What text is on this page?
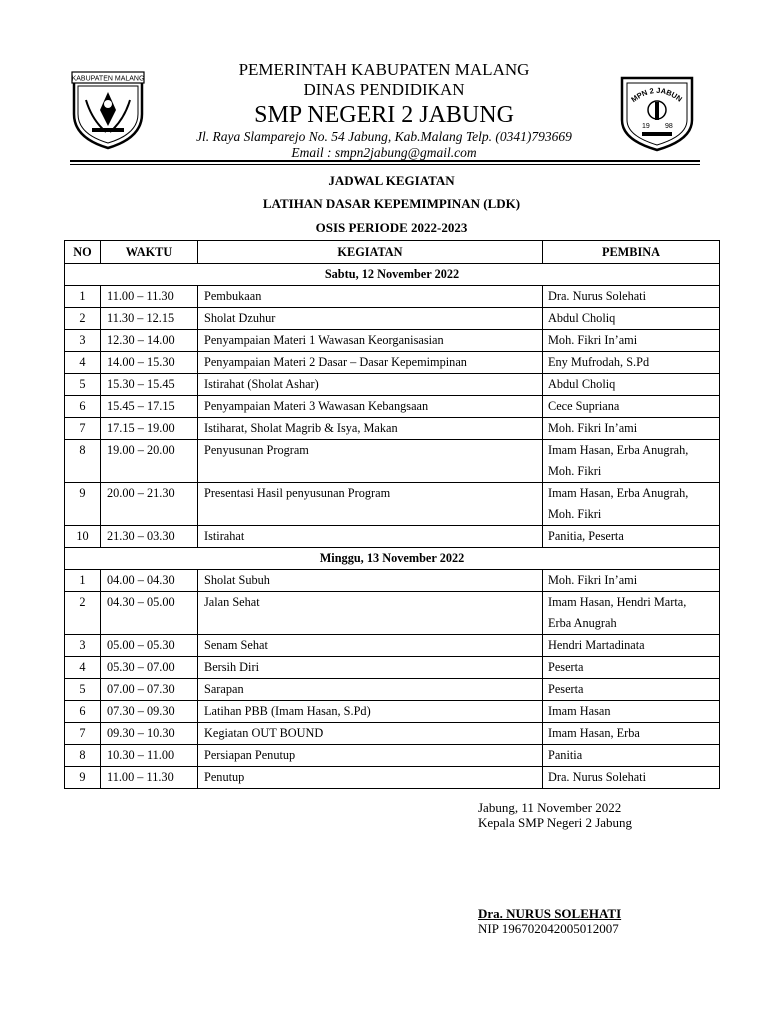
KABUPATEN MALANG
MPN 2 JABUN
19 98
PEMERINTAH KABUPATEN MALANG
DINAS PENDIDIKAN
SMP NEGERI 2 JABUNG
Jl. Raya Slamparejo No. 54 Jabung, Kab.Malang Telp. (0341)793669
Email : smpn2jabung@gmail.com
JADWAL KEGIATAN
LATIHAN DASAR KEPEMIMPINAN (LDK)
OSIS PERIODE 2022-2023
NO	WAKTU	KEGIATAN	PEMBINA
Sabtu, 12 November 2022			
1	11.00 – 11.30	Pembukaan	Dra. Nurus Solehati
2	11.30 – 12.15	Sholat Dzuhur	Abdul Choliq
3	12.30 – 14.00	Penyampaian Materi 1 Wawasan Keorganisasian	Moh. Fikri In’ami
4	14.00 – 15.30	Penyampaian Materi 2 Dasar – Dasar Kepemimpinan	Eny Mufrodah, S.Pd
5	15.30 – 15.45	Istirahat (Sholat Ashar)	Abdul Choliq
6	15.45 – 17.15	Penyampaian Materi 3 Wawasan Kebangsaan	Cece Supriana
7	17.15 – 19.00	Istiharat, Sholat Magrib & Isya, Makan	Moh. Fikri In’ami
8	19.00 – 20.00	Penyusunan Program	Imam Hasan, Erba Anugrah,
Moh. Fikri

9	20.00 – 21.30	Presentasi Hasil penyusunan Program	Imam Hasan, Erba Anugrah,
Moh. Fikri

10	21.30 – 03.30	Istirahat	Panitia, Peserta
Minggu, 13 November 2022			
1	04.00 – 04.30	Sholat Subuh	Moh. Fikri In’ami
2	04.30 – 05.00	Jalan Sehat	Imam Hasan, Hendri Marta,
Erba Anugrah

3	05.00 – 05.30	Senam Sehat	Hendri Martadinata
4	05.30 – 07.00	Bersih Diri	Peserta
5	07.00 – 07.30	Sarapan	Peserta
6	07.30 – 09.30	Latihan PBB (Imam Hasan, S.Pd)	Imam Hasan
7	09.30 – 10.30	Kegiatan OUT BOUND	Imam Hasan, Erba
8	10.30 – 11.00	Persiapan Penutup	Panitia
9	11.00 – 11.30	Penutup	Dra. Nurus Solehati
Jabung, 11 November 2022
Kepala SMP Negeri 2 Jabung
Dra. NURUS SOLEHATI
NIP 196702042005012007
